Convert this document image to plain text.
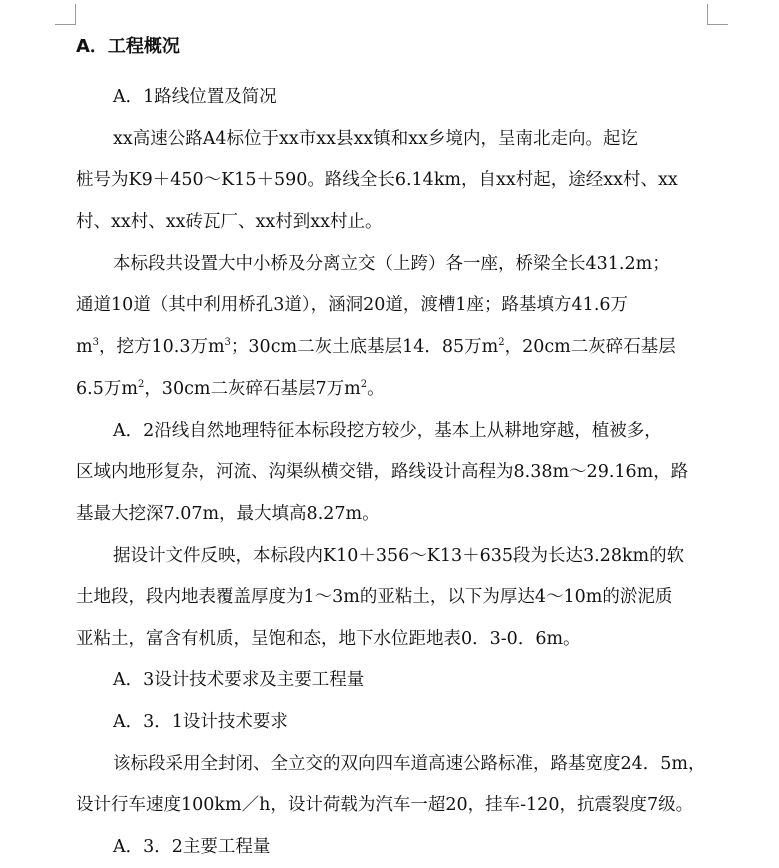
A．工程概况
A．1路线位置及简况
xx高速公路A4标位于xx市xx县xx镇和xx乡境内，呈南北走向。起讫
桩号为K9＋450～K15＋590。路线全长6.14km，自xx村起，途经xx村、xx
村、xx村、xx砖瓦厂、xx村到xx村止。
本标段共设置大中小桥及分离立交（上跨）各一座，桥梁全长431.2m；
通道10道（其中利用桥孔3道），涵洞20道，渡槽1座；路基填方41.6万
$m^3$，挖方10.3万$m^3$；30cm二灰土底基层14．85万$m^2$，20cm二灰碎石基层
6.5万$m^2$，30cm二灰碎石基层7万$m^2$。
A．2沿线自然地理特征本标段挖方较少，基本上从耕地穿越，植被多，
区域内地形复杂，河流、沟渠纵横交错，路线设计高程为8.38m～29.16m，路
基最大挖深7.07m，最大填高8.27m。
据设计文件反映，本标段内K10＋356～K13＋635段为长达3.28km的软
土地段，段内地表覆盖厚度为1～3m的亚粘土，以下为厚达4～10m的淤泥质
亚粘土，富含有机质，呈饱和态，地下水位距地表0．3-0．6m。
A．3设计技术要求及主要工程量
A．3．1设计技术要求
该标段采用全封闭、全立交的双向四车道高速公路标准，路基宽度24．5m，
设计行车速度100km／h，设计荷载为汽车一超20，挂车-120，抗震裂度7级。
A．3．2主要工程量
